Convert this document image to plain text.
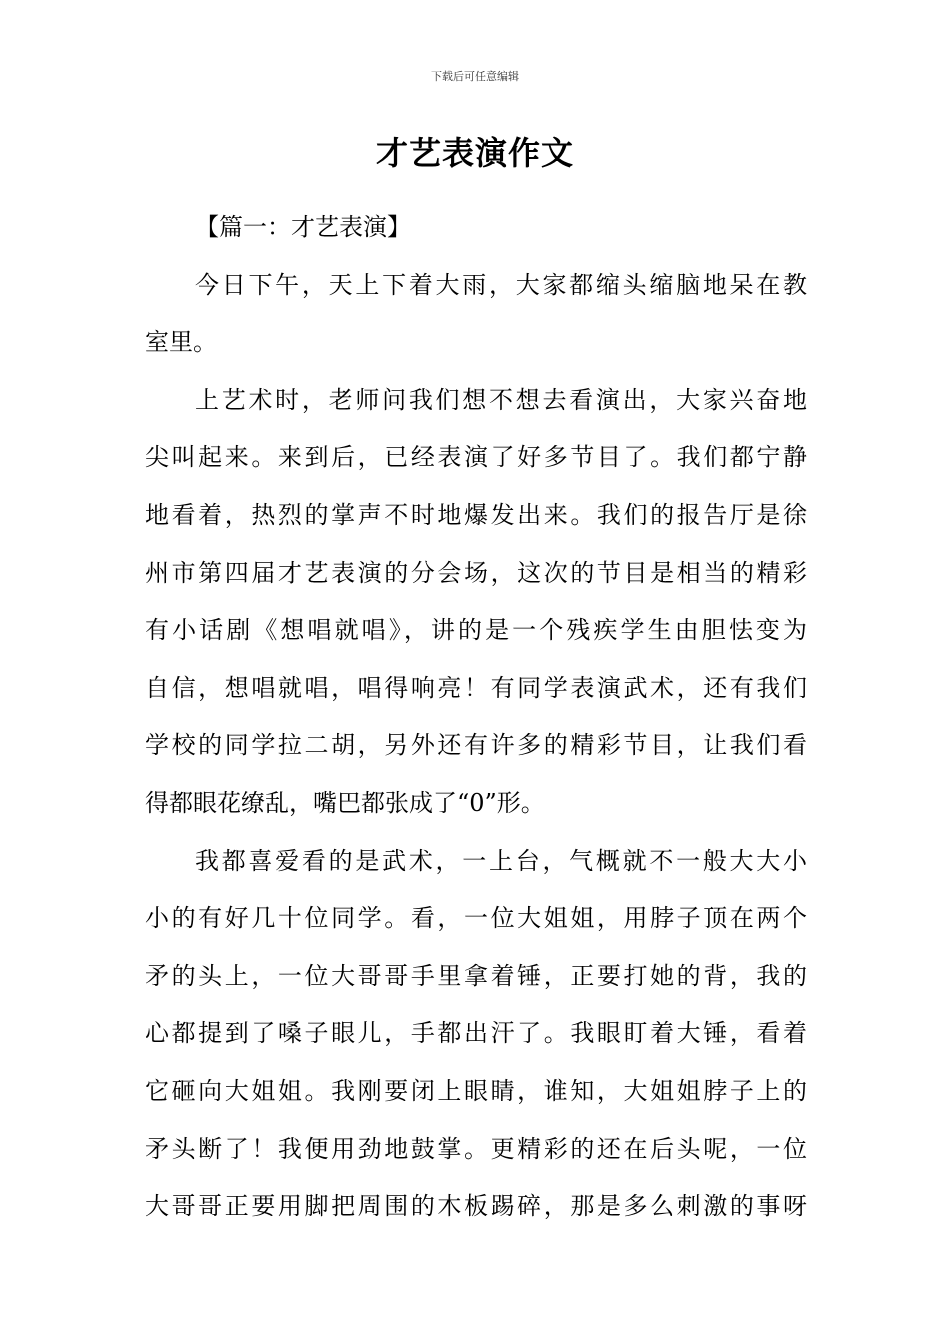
下载后可任意编辑
才艺表演作文
【篇一：才艺表演】
今日下午，天上下着大雨，大家都缩头缩脑地呆在教
室里。
上艺术时，老师问我们想不想去看演出，大家兴奋地
尖叫起来。来到后，已经表演了好多节目了。我们都宁静
地看着，热烈的掌声不时地爆发出来。我们的报告厅是徐
州市第四届才艺表演的分会场，这次的节目是相当的精彩
有小话剧《想唱就唱》，讲的是一个残疾学生由胆怯变为
自信，想唱就唱，唱得响亮！有同学表演武术，还有我们
学校的同学拉二胡，另外还有许多的精彩节目，让我们看
得都眼花缭乱，嘴巴都张成了“0”形。
我都喜爱看的是武术，一上台，气概就不一般大大小
小的有好几十位同学。看，一位大姐姐，用脖子顶在两个
矛的头上，一位大哥哥手里拿着锤，正要打她的背，我的
心都提到了嗓子眼儿，手都出汗了。我眼盯着大锤，看着
它砸向大姐姐。我刚要闭上眼睛，谁知，大姐姐脖子上的
矛头断了！我便用劲地鼓掌。更精彩的还在后头呢，一位
大哥哥正要用脚把周围的木板踢碎，那是多么刺激的事呀
